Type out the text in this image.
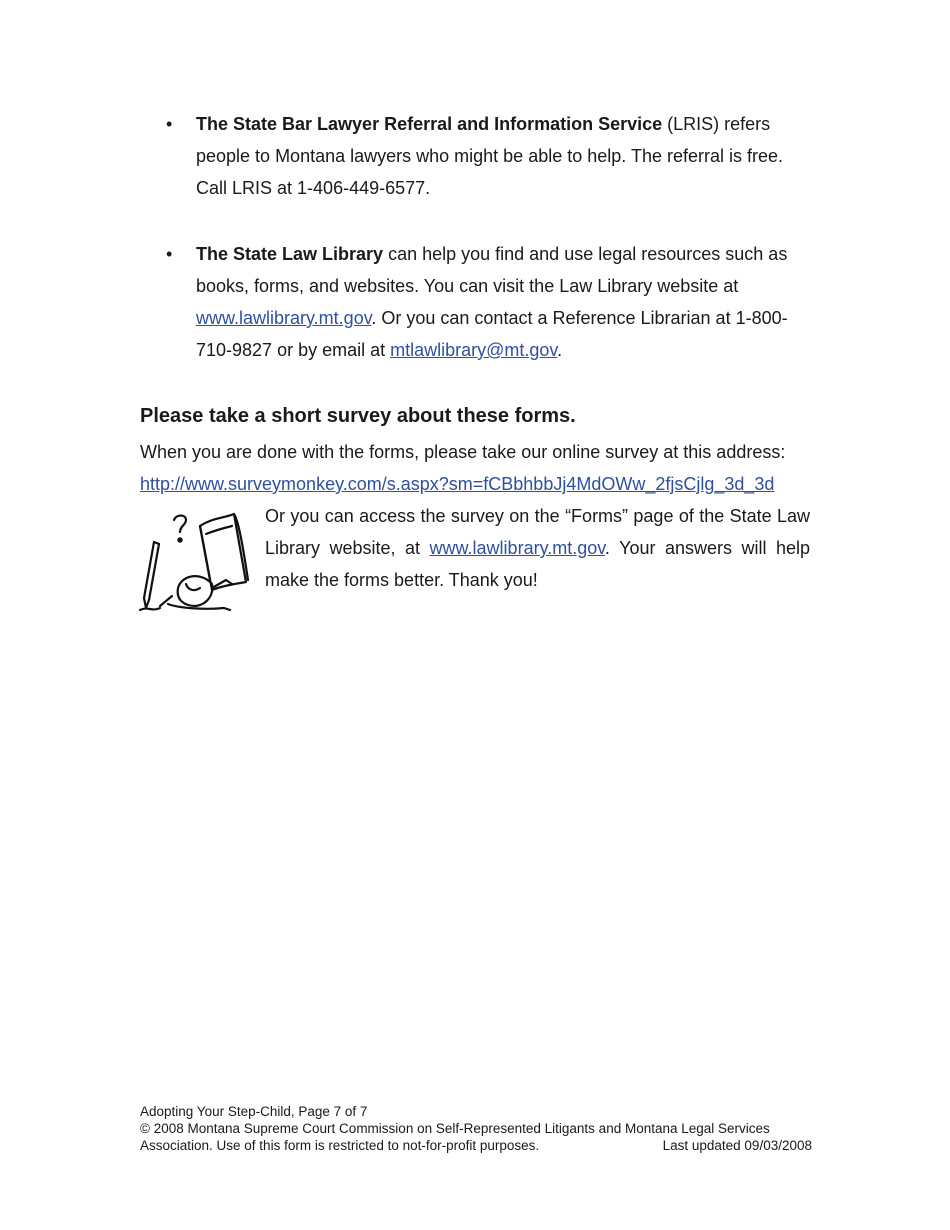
• The State Bar Lawyer Referral and Information Service (LRIS) refers people to Montana lawyers who might be able to help. The referral is free. Call LRIS at 1-406-449-6577.
• The State Law Library can help you find and use legal resources such as books, forms, and websites. You can visit the Law Library website at www.lawlibrary.mt.gov. Or you can contact a Reference Librarian at 1-800-710-9827 or by email at mtlawlibrary@mt.gov.
Please take a short survey about these forms.
When you are done with the forms, please take our online survey at this address:
http://www.surveymonkey.com/s.aspx?sm=fCBbhbbJj4MdOWw_2fjsCjlg_3d_3d
Or you can access the survey on the “Forms” page of the State Law Library website, at www.lawlibrary.mt.gov. Your answers will help make the forms better. Thank you!
Adopting Your Step-Child, Page 7 of 7
© 2008 Montana Supreme Court Commission on Self-Represented Litigants and Montana Legal Services
Association. Use of this form is restricted to not-for-profit purposes.	Last updated 09/03/2008
